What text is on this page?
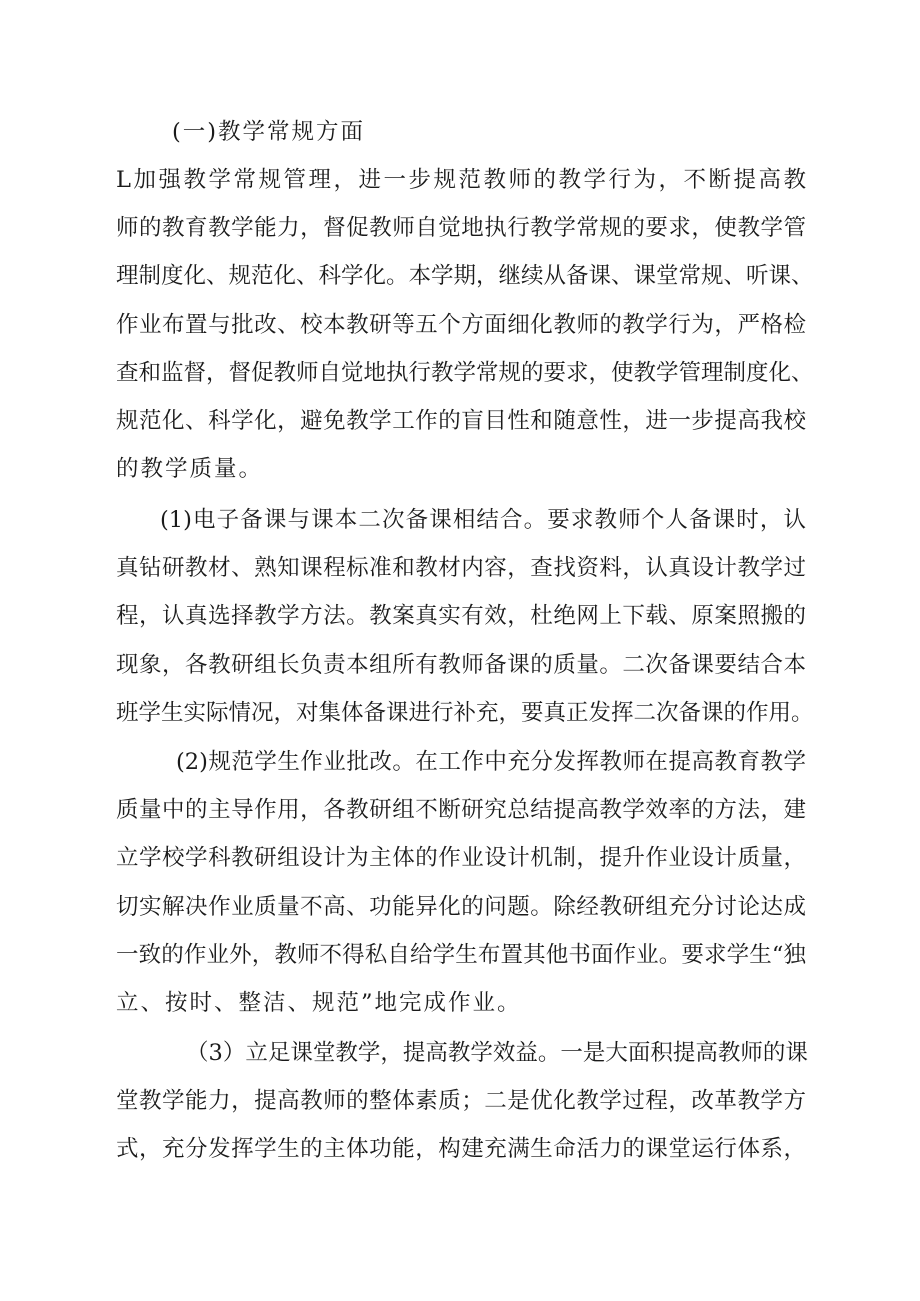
(一)教学常规方面
L加强教学常规管理，进一步规范教师的教学行为，不断提高教
师的教育教学能力，督促教师自觉地执行教学常规的要求，使教学管
理制度化、规范化、科学化。本学期，继续从备课、课堂常规、听课、
作业布置与批改、校本教研等五个方面细化教师的教学行为，严格检
查和监督，督促教师自觉地执行教学常规的要求，使教学管理制度化、
规范化、科学化，避免教学工作的盲目性和随意性，进一步提高我校
的教学质量。
(1)电子备课与课本二次备课相结合。要求教师个人备课时，认
真钻研教材、熟知课程标准和教材内容，查找资料，认真设计教学过
程，认真选择教学方法。教案真实有效，杜绝网上下载、原案照搬的
现象，各教研组长负责本组所有教师备课的质量。二次备课要结合本
班学生实际情况，对集体备课进行补充，要真正发挥二次备课的作用。
(2)规范学生作业批改。在工作中充分发挥教师在提高教育教学
质量中的主导作用，各教研组不断研究总结提高教学效率的方法，建
立学校学科教研组设计为主体的作业设计机制，提升作业设计质量，
切实解决作业质量不高、功能异化的问题。除经教研组充分讨论达成
一致的作业外，教师不得私自给学生布置其他书面作业。要求学生“独
立、按时、整洁、规范”地完成作业。
（3）立足课堂教学，提高教学效益。一是大面积提高教师的课
堂教学能力，提高教师的整体素质；二是优化教学过程，改革教学方
式，充分发挥学生的主体功能，构建充满生命活力的课堂运行体系，
